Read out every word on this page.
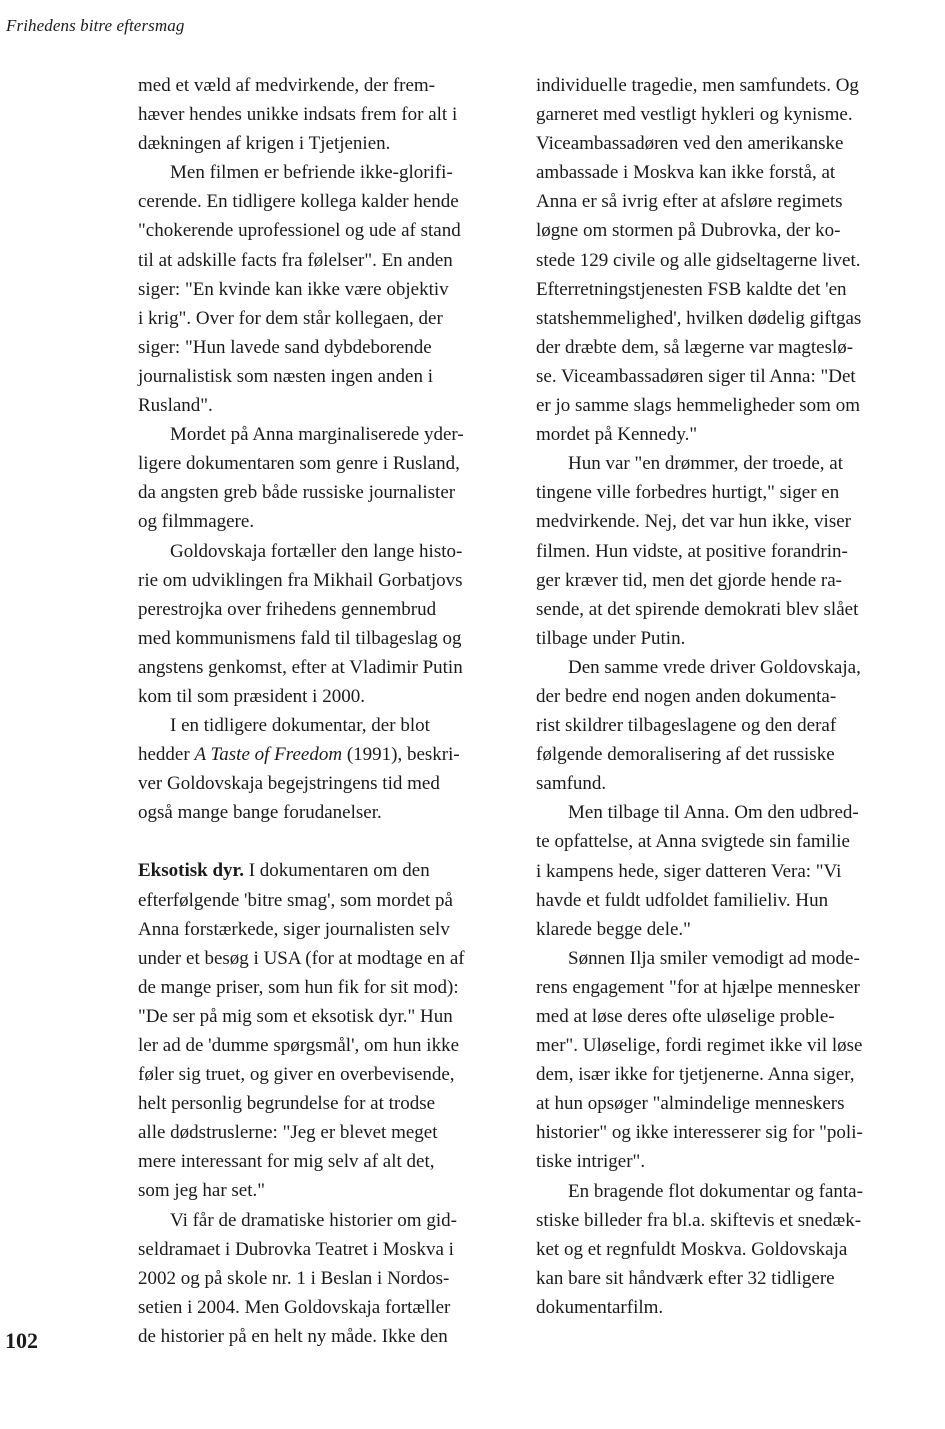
Frihedens bitre eftersmag

med et væld af medvirkende, der frem-
hæver hendes unikke indsats frem for alt i
dækningen af krigen i Tjetjenien.

Men filmen er befriende ikke-glorifi-
cerende. En tidligere kollega kalder hende
"chokerende uprofessionel og ude af stand
til at adskille facts fra følelser". En anden
siger: "En kvinde kan ikke være objektiv
i krig". Over for dem står kollegaen, der
siger: "Hun lavede sand dybdeborende
journalistisk som næsten ingen anden i
Rusland".

Mordet på Anna marginaliserede yder-
ligere dokumentaren som genre i Rusland,
da angsten greb både russiske journalister
og filmmagere.

Goldovskaja fortæller den lange histo-
rie om udviklingen fra Mikhail Gorbatjovs
perestrojka over frihedens gennembrud
med kommunismens fald til tilbageslag og
angstens genkomst, efter at Vladimir Putin
kom til som præsident i 2000.

I en tidligere dokumentar, der blot
hedder A Taste of Freedom (1991), beskri-
ver Goldovskaja begejstringens tid med
også mange bange forudanelser.

Eksotisk dyr. I dokumentaren om den
efterfølgende 'bitre smag', som mordet på
Anna forstærkede, siger journalisten selv
under et besøg i USA (for at modtage en af
de mange priser, som hun fik for sit mod):
"De ser på mig som et eksotisk dyr." Hun
ler ad de 'dumme spørgsmål', om hun ikke
føler sig truet, og giver en overbevisende,
helt personlig begrundelse for at trodse
alle dødstruslerne: "Jeg er blevet meget
mere interessant for mig selv af alt det,
som jeg har set."

Vi får de dramatiske historier om gid-
seldramaet i Dubrovka Teatret i Moskva i
2002 og på skole nr. 1 i Beslan i Nordos-
setien i 2004. Men Goldovskaja fortæller
de historier på en helt ny måde. Ikke den

individuelle tragedie, men samfundets. Og
garneret med vestligt hykleri og kynisme.
Viceambassadøren ved den amerikanske
ambassade i Moskva kan ikke forstå, at
Anna er så ivrig efter at afsløre regimets
løgne om stormen på Dubrovka, der ko-
stede 129 civile og alle gidseltagerne livet.
Efterretningstjenesten FSB kaldte det 'en
statshemmelighed', hvilken dødelig giftgas
der dræbte dem, så lægerne var magteslø-
se. Viceambassadøren siger til Anna: "Det
er jo samme slags hemmeligheder som om
mordet på Kennedy."

Hun var "en drømmer, der troede, at
tingene ville forbedres hurtigt," siger en
medvirkende. Nej, det var hun ikke, viser
filmen. Hun vidste, at positive forandrin-
ger kræver tid, men det gjorde hende ra-
sende, at det spirende demokrati blev slået
tilbage under Putin.

Den samme vrede driver Goldovskaja,
der bedre end nogen anden dokumenta-
rist skildrer tilbageslagene og den deraf
følgende demoralisering af det russiske
samfund.

Men tilbage til Anna. Om den udbred-
te opfattelse, at Anna svigtede sin familie
i kampens hede, siger datteren Vera: "Vi
havde et fuldt udfoldet familieliv. Hun
klarede begge dele."

Sønnen Ilja smiler vemodigt ad mode-
rens engagement "for at hjælpe mennesker
med at løse deres ofte uløselige proble-
mer". Uløselige, fordi regimet ikke vil løse
dem, især ikke for tjetjenerne. Anna siger,
at hun opsøger "almindelige menneskers
historier" og ikke interesserer sig for "poli-
tiske intriger".

En bragende flot dokumentar og fanta-
stiske billeder fra bl.a. skiftevis et snedæk-
ket og et regnfuldt Moskva. Goldovskaja
kan bare sit håndværk efter 32 tidligere
dokumentarfilm.

102
